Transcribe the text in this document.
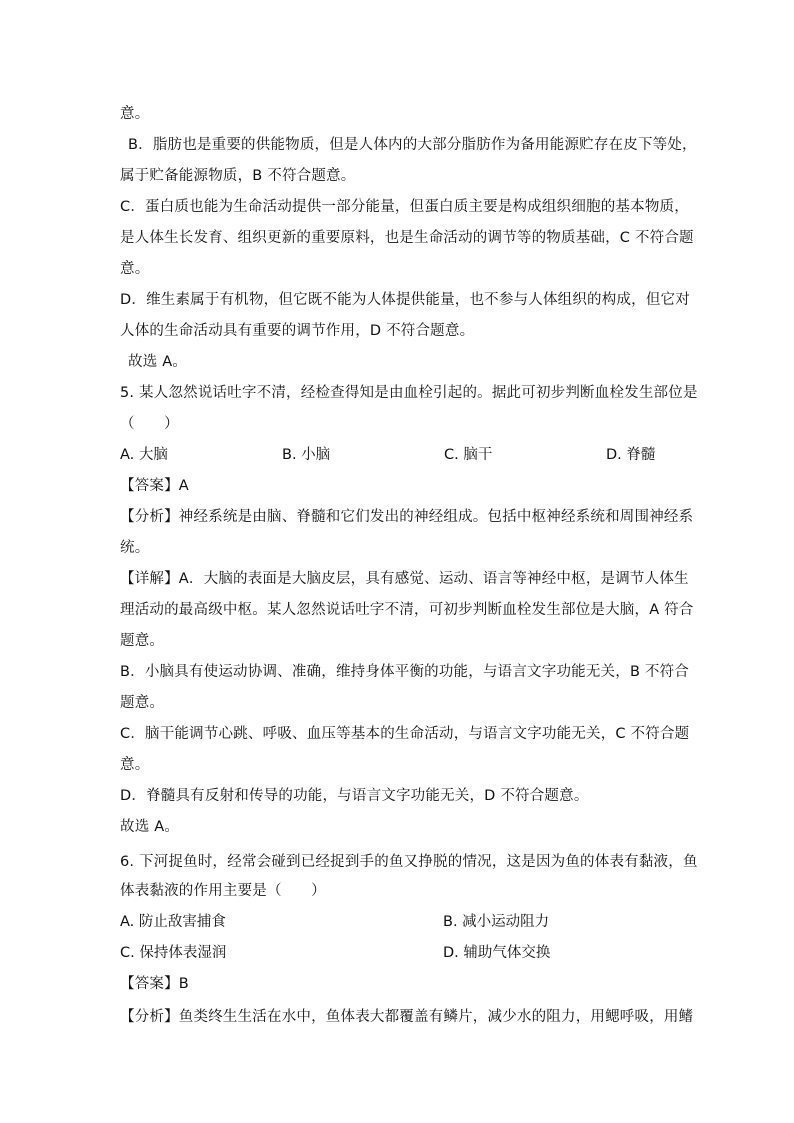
意。
B．脂肪也是重要的供能物质，但是人体内的大部分脂肪作为备用能源贮存在皮下等处，
属于贮备能源物质，B 不符合题意。
C．蛋白质也能为生命活动提供一部分能量，但蛋白质主要是构成组织细胞的基本物质，
是人体生长发育、组织更新的重要原料，也是生命活动的调节等的物质基础，C 不符合题
意。
D．维生素属于有机物，但它既不能为人体提供能量，也不参与人体组织的构成，但它对
人体的生命活动具有重要的调节作用，D 不符合题意。
故选 A。
5. 某人忽然说话吐字不清，经检查得知是由血栓引起的。据此可初步判断血栓发生部位是
（　　）
A. 大脑	B. 小脑	C. 脑干	D. 脊髓
【答案】A
【分析】神经系统是由脑、脊髓和它们发出的神经组成。包括中枢神经系统和周围神经系
统。
【详解】A．大脑的表面是大脑皮层，具有感觉、运动、语言等神经中枢，是调节人体生
理活动的最高级中枢。某人忽然说话吐字不清，可初步判断血栓发生部位是大脑，A 符合
题意。
B．小脑具有使运动协调、准确，维持身体平衡的功能，与语言文字功能无关，B 不符合
题意。
C．脑干能调节心跳、呼吸、血压等基本的生命活动，与语言文字功能无关，C 不符合题
意。
D．脊髓具有反射和传导的功能，与语言文字功能无关，D 不符合题意。
故选 A。
6. 下河捉鱼时，经常会碰到已经捉到手的鱼又挣脱的情况，这是因为鱼的体表有黏液，鱼
体表黏液的作用主要是（　　）
A. 防止敌害捕食	B. 减小运动阻力
C. 保持体表湿润	D. 辅助气体交换
【答案】B
【分析】鱼类终生生活在水中，鱼体表大都覆盖有鳞片，减少水的阻力，用鳃呼吸，用鳍
